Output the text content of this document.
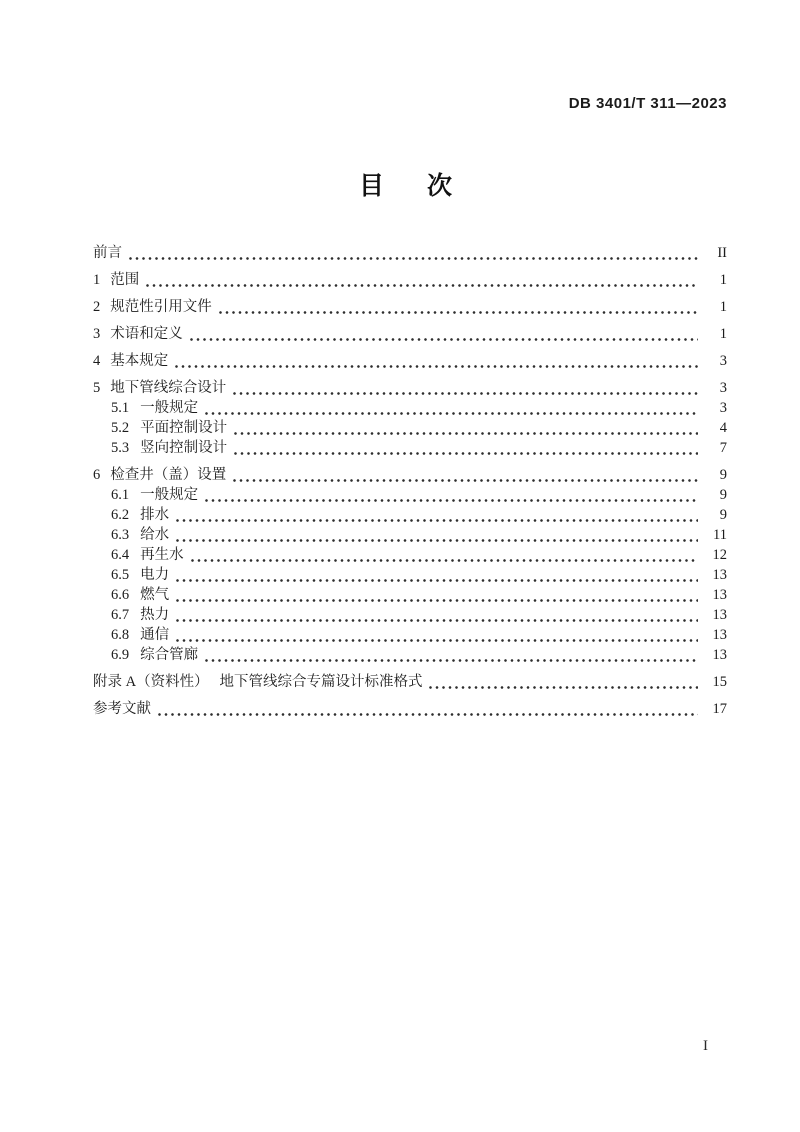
DB 3401/T 311—2023
目　次
前言	II
1 范围	1
2 规范性引用文件	1
3 术语和定义	1
4 基本规定	3
5 地下管线综合设计	3
5.1 一般规定	3
5.2 平面控制设计	4
5.3 竖向控制设计	7
6 检查井（盖）设置	9
6.1 一般规定	9
6.2 排水	9
6.3 给水	11
6.4 再生水	12
6.5 电力	13
6.6 燃气	13
6.7 热力	13
6.8 通信	13
6.9 综合管廊	13
附录 A（资料性）　 地下管线综合专篇设计标准格式	15
参考文献	17
I
